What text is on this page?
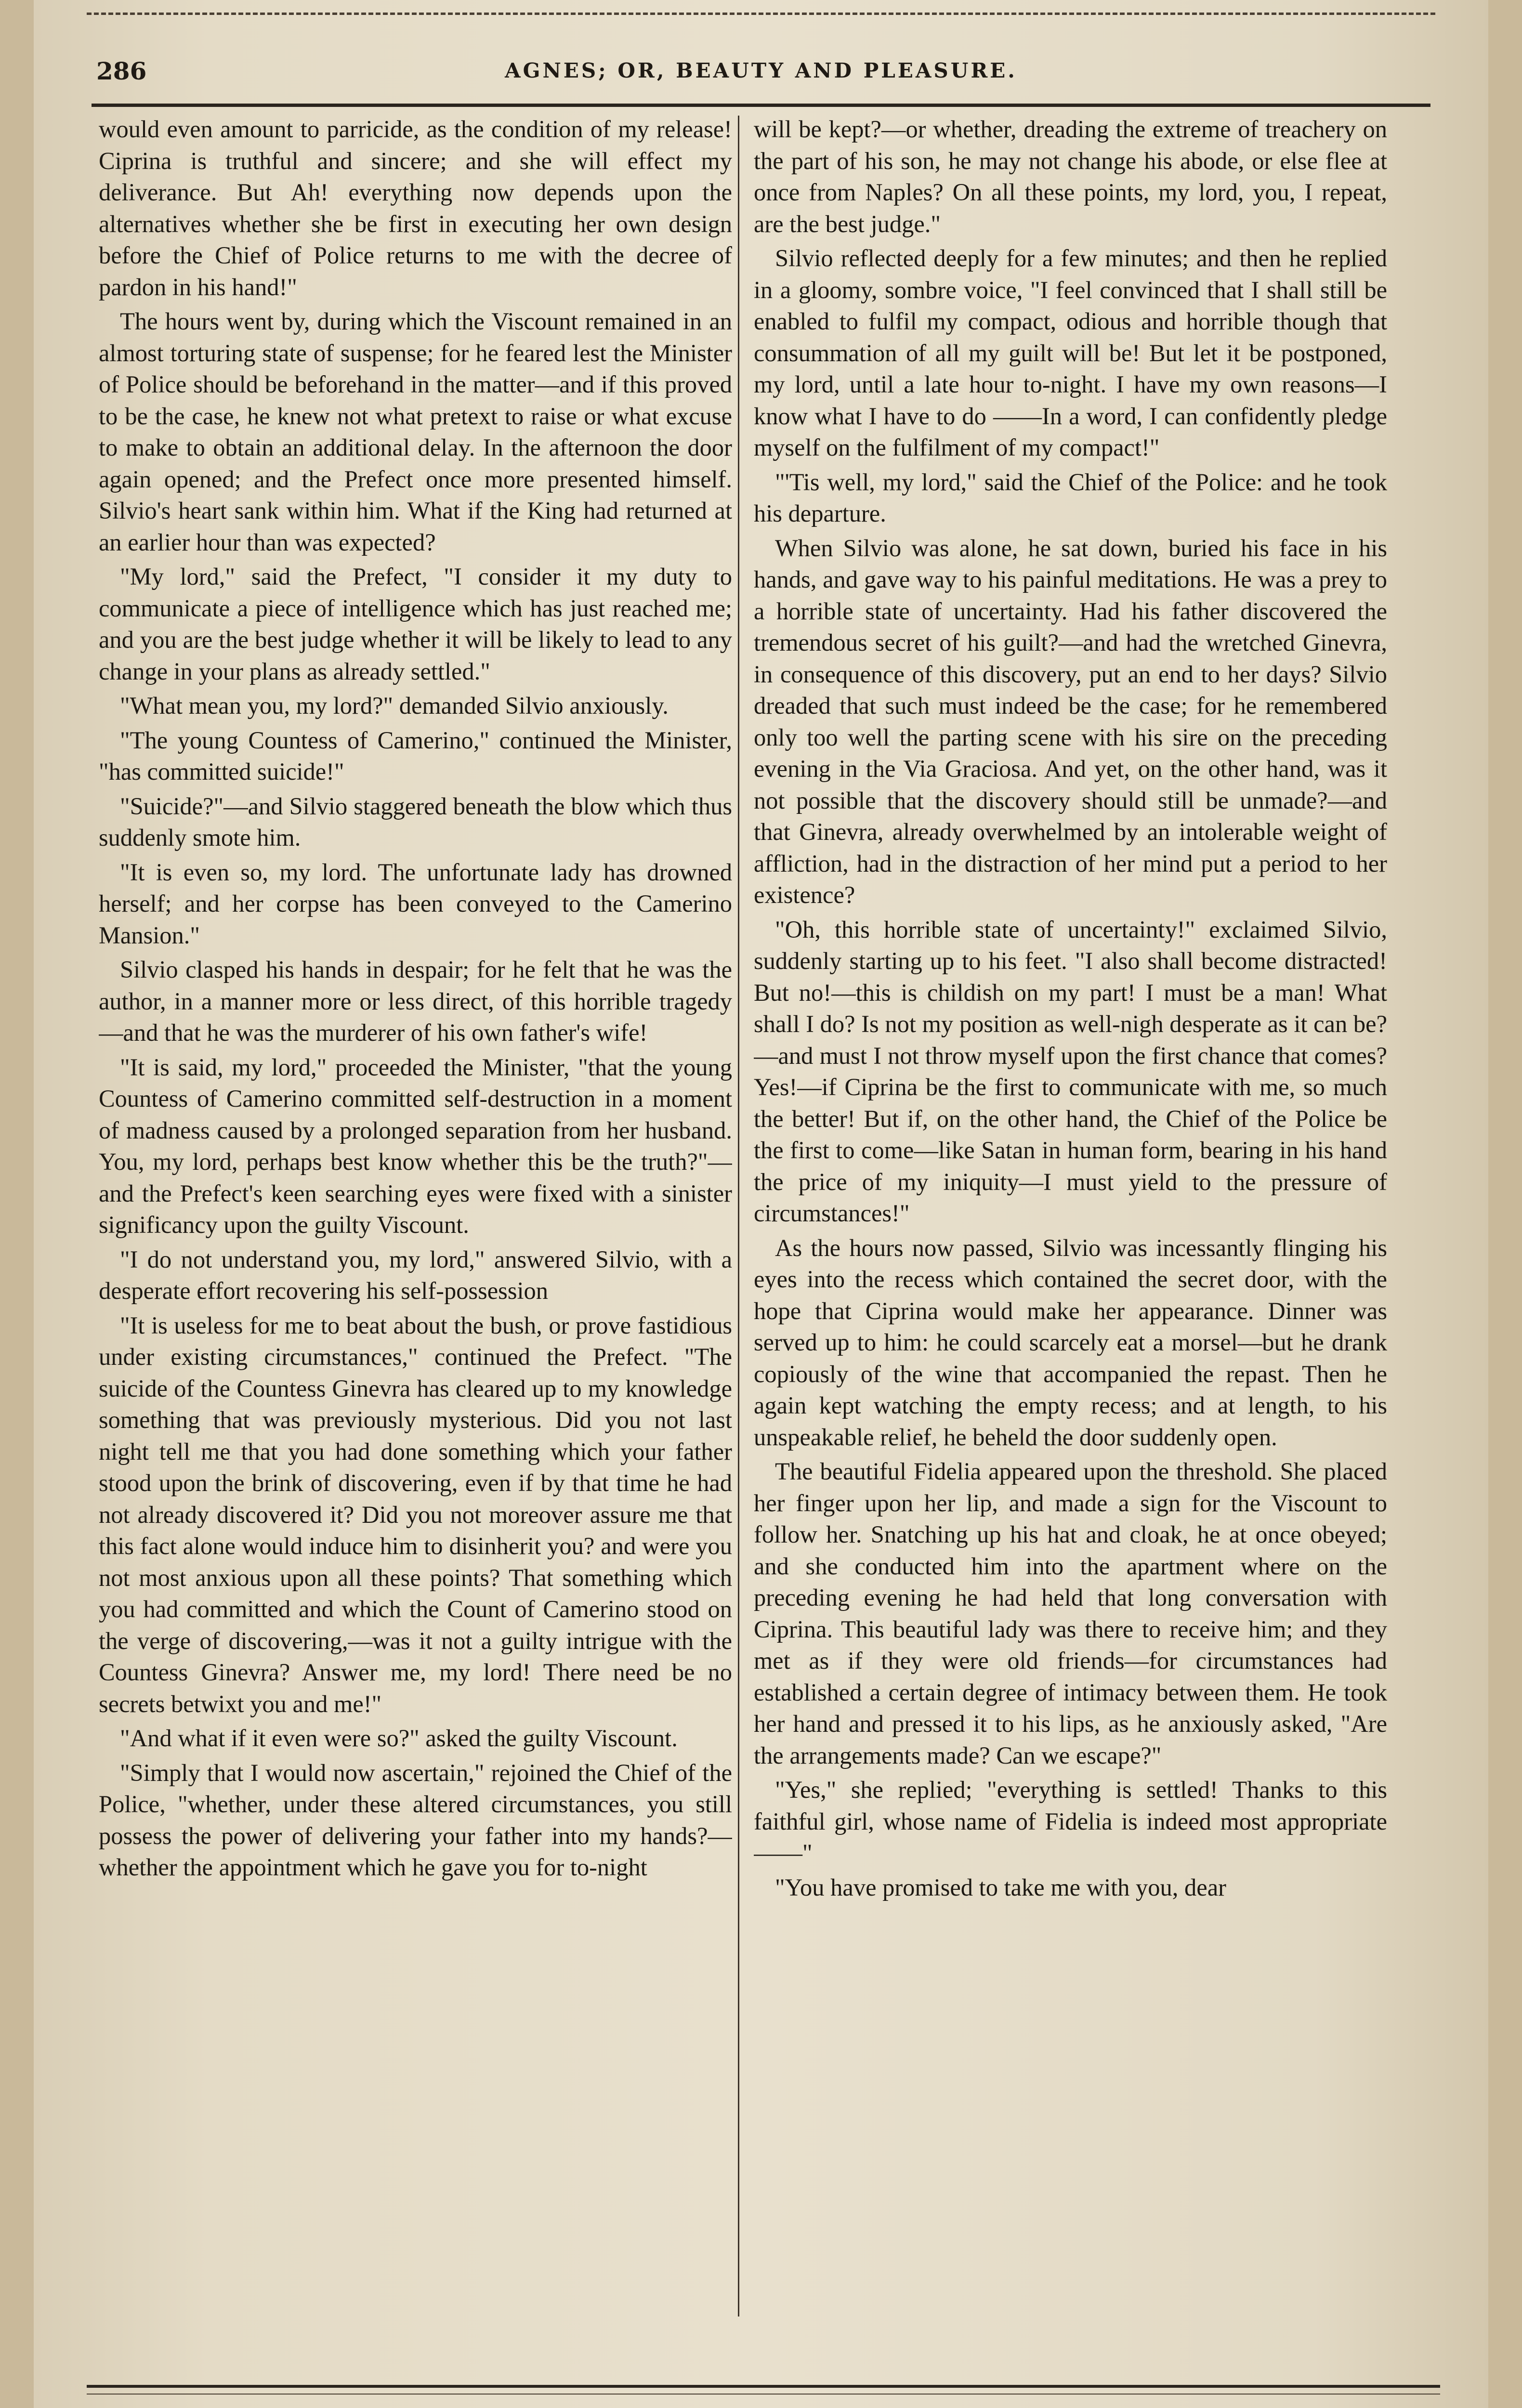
286	AGNES; OR, BEAUTY AND PLEASURE.

would even amount to parricide, as the condition of my release! Ciprina is truthful and sincere; and she will effect my deliverance. But Ah! everything now depends upon the alternatives whether she be first in executing her own design before the Chief of Police returns to me with the decree of pardon in his hand!"

The hours went by, during which the Viscount remained in an almost torturing state of suspense; for he feared lest the Minister of Police should be beforehand in the matter—and if this proved to be the case, he knew not what pretext to raise or what excuse to make to obtain an additional delay. In the afternoon the door again opened; and the Prefect once more presented himself. Silvio's heart sank within him. What if the King had returned at an earlier hour than was expected?

"My lord," said the Prefect, "I consider it my duty to communicate a piece of intelligence which has just reached me; and you are the best judge whether it will be likely to lead to any change in your plans as already settled."

"What mean you, my lord?" demanded Silvio anxiously.

"The young Countess of Camerino," continued the Minister, "has committed suicide!"

"Suicide?"—and Silvio staggered beneath the blow which thus suddenly smote him.

"It is even so, my lord. The unfortunate lady has drowned herself; and her corpse has been conveyed to the Camerino Mansion."

Silvio clasped his hands in despair; for he felt that he was the author, in a manner more or less direct, of this horrible tragedy—and that he was the murderer of his own father's wife!

"It is said, my lord," proceeded the Minister, "that the young Countess of Camerino committed self-destruction in a moment of madness caused by a prolonged separation from her husband. You, my lord, perhaps best know whether this be the truth?"—and the Prefect's keen searching eyes were fixed with a sinister significancy upon the guilty Viscount.

"I do not understand you, my lord," answered Silvio, with a desperate effort recovering his self-possession

"It is useless for me to beat about the bush, or prove fastidious under existing circumstances," continued the Prefect. "The suicide of the Countess Ginevra has cleared up to my knowledge something that was previously mysterious. Did you not last night tell me that you had done something which your father stood upon the brink of discovering, even if by that time he had not already discovered it? Did you not moreover assure me that this fact alone would induce him to disinherit you? and were you not most anxious upon all these points? That something which you had committed and which the Count of Camerino stood on the verge of discovering,—was it not a guilty intrigue with the Countess Ginevra? Answer me, my lord! There need be no secrets betwixt you and me!"

"And what if it even were so?" asked the guilty Viscount.

"Simply that I would now ascertain," rejoined the Chief of the Police, "whether, under these altered circumstances, you still possess the power of delivering your father into my hands?—whether the appointment which he gave you for to-night

will be kept?—or whether, dreading the extreme of treachery on the part of his son, he may not change his abode, or else flee at once from Naples? On all these points, my lord, you, I repeat, are the best judge."

Silvio reflected deeply for a few minutes; and then he replied in a gloomy, sombre voice, "I feel convinced that I shall still be enabled to fulfil my compact, odious and horrible though that consummation of all my guilt will be! But let it be postponed, my lord, until a late hour to-night. I have my own reasons—I know what I have to do ——In a word, I can confidently pledge myself on the fulfilment of my compact!"

"'Tis well, my lord," said the Chief of the Police: and he took his departure.

When Silvio was alone, he sat down, buried his face in his hands, and gave way to his painful meditations. He was a prey to a horrible state of uncertainty. Had his father discovered the tremendous secret of his guilt?—and had the wretched Ginevra, in consequence of this discovery, put an end to her days? Silvio dreaded that such must indeed be the case; for he remembered only too well the parting scene with his sire on the preceding evening in the Via Graciosa. And yet, on the other hand, was it not possible that the discovery should still be unmade?—and that Ginevra, already overwhelmed by an intolerable weight of affliction, had in the distraction of her mind put a period to her existence?

"Oh, this horrible state of uncertainty!" exclaimed Silvio, suddenly starting up to his feet. "I also shall become distracted! But no!—this is childish on my part! I must be a man! What shall I do? Is not my position as well-nigh desperate as it can be?—and must I not throw myself upon the first chance that comes? Yes!—if Ciprina be the first to communicate with me, so much the better! But if, on the other hand, the Chief of the Police be the first to come—like Satan in human form, bearing in his hand the price of my iniquity—I must yield to the pressure of circumstances!"

As the hours now passed, Silvio was incessantly flinging his eyes into the recess which contained the secret door, with the hope that Ciprina would make her appearance. Dinner was served up to him: he could scarcely eat a morsel—but he drank copiously of the wine that accompanied the repast. Then he again kept watching the empty recess; and at length, to his unspeakable relief, he beheld the door suddenly open.

The beautiful Fidelia appeared upon the threshold. She placed her finger upon her lip, and made a sign for the Viscount to follow her. Snatching up his hat and cloak, he at once obeyed; and she conducted him into the apartment where on the preceding evening he had held that long conversation with Ciprina. This beautiful lady was there to receive him; and they met as if they were old friends—for circumstances had established a certain degree of intimacy between them. He took her hand and pressed it to his lips, as he anxiously asked, "Are the arrangements made? Can we escape?"

"Yes," she replied; "everything is settled! Thanks to this faithful girl, whose name of Fidelia is indeed most appropriate——"

"You have promised to take me with you, dear
